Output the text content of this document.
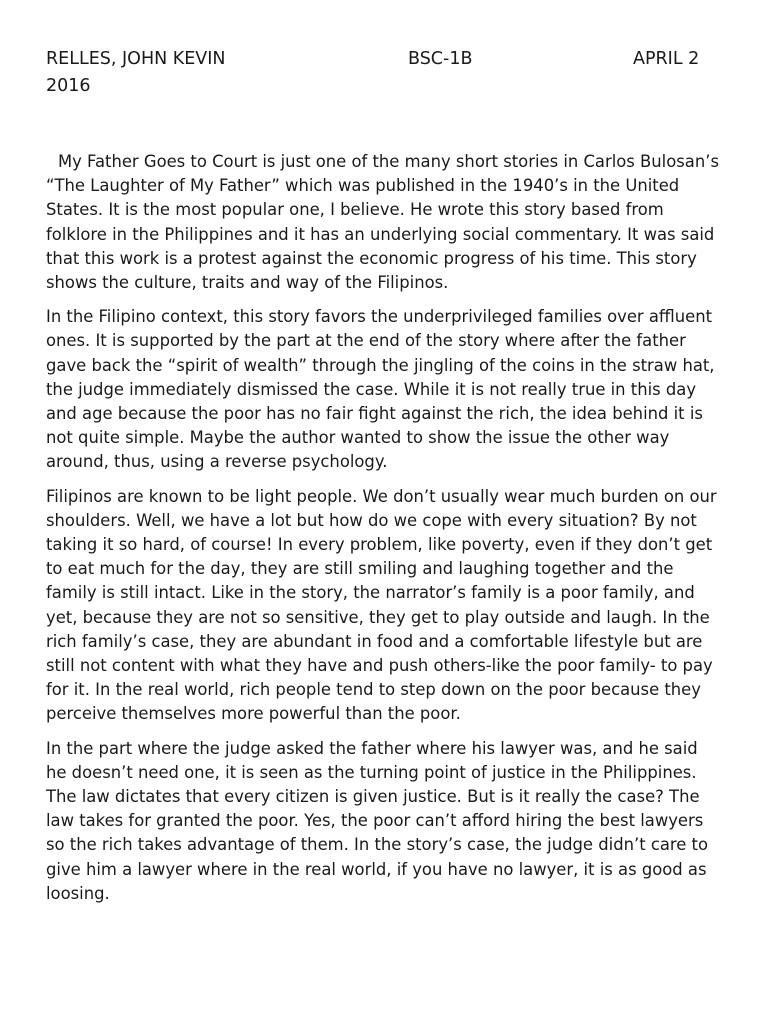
RELLES, JOHN KEVIN	BSC-1B	APRIL 2
2016

My Father Goes to Court is just one of the many short stories in Carlos Bulosan’s “The Laughter of My Father” which was published in the 1940’s in the United States. It is the most popular one, I believe. He wrote this story based from folklore in the Philippines and it has an underlying social commentary. It was said that this work is a protest against the economic progress of his time. This story shows the culture, traits and way of the Filipinos.

In the Filipino context, this story favors the underprivileged families over affluent ones. It is supported by the part at the end of the story where after the father gave back the “spirit of wealth” through the jingling of the coins in the straw hat, the judge immediately dismissed the case. While it is not really true in this day and age because the poor has no fair fight against the rich, the idea behind it is not quite simple. Maybe the author wanted to show the issue the other way around, thus, using a reverse psychology.

Filipinos are known to be light people. We don’t usually wear much burden on our shoulders. Well, we have a lot but how do we cope with every situation? By not taking it so hard, of course! In every problem, like poverty, even if they don’t get to eat much for the day, they are still smiling and laughing together and the family is still intact. Like in the story, the narrator’s family is a poor family, and yet, because they are not so sensitive, they get to play outside and laugh. In the rich family’s case, they are abundant in food and a comfortable lifestyle but are still not content with what they have and push others-like the poor family- to pay for it. In the real world, rich people tend to step down on the poor because they perceive themselves more powerful than the poor.

In the part where the judge asked the father where his lawyer was, and he said he doesn’t need one, it is seen as the turning point of justice in the Philippines. The law dictates that every citizen is given justice. But is it really the case? The law takes for granted the poor. Yes, the poor can’t afford hiring the best lawyers so the rich takes advantage of them. In the story’s case, the judge didn’t care to give him a lawyer where in the real world, if you have no lawyer, it is as good as loosing.
